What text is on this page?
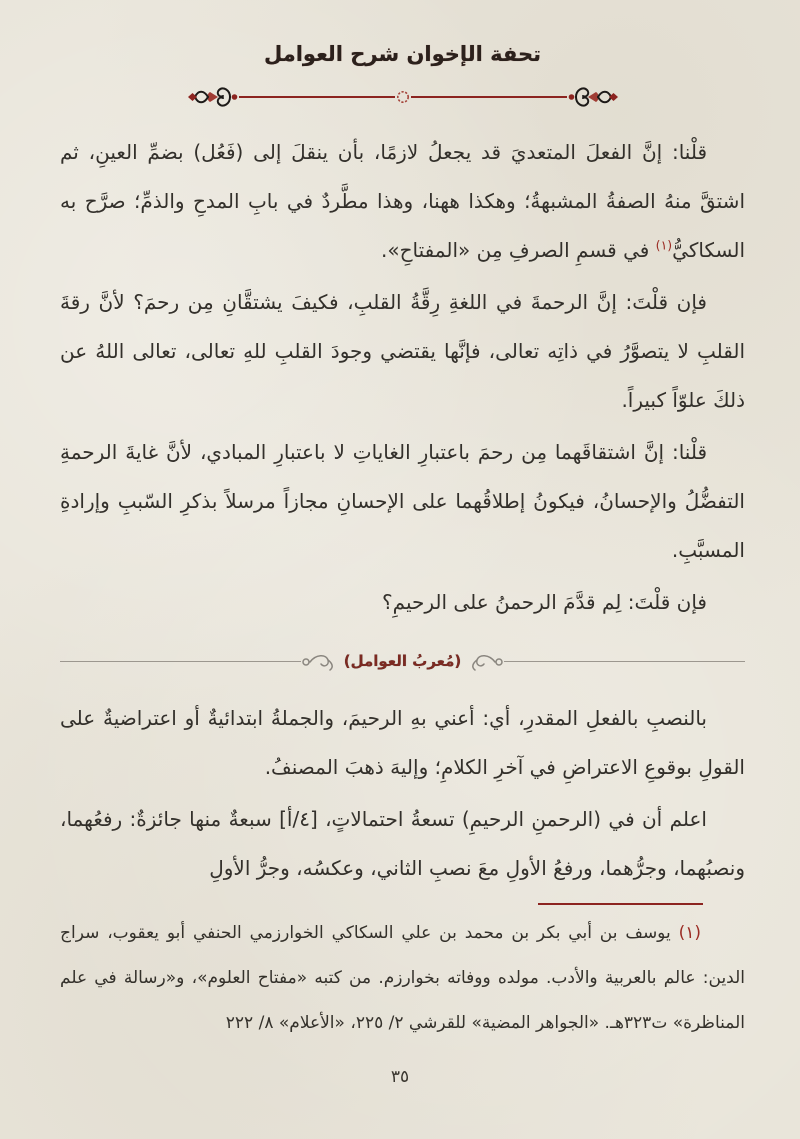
تحفة الإخوان شرح العوامل

قلْنا: إنَّ الفعلَ المتعديَ قد يجعلُ لازمًا، بأن ينقلَ إلى (فَعُل) بضمِّ العينِ، ثم اشتقَّ منهُ الصفةُ المشبهةُ؛ وهكذا ههنا، وهذا مطَّردٌ في بابِ المدحِ والذمِّ؛ صرَّح به السكاكيُّ$^{(١)}$ في قسمِ الصرفِ مِن «المفتاحِ».

فإن قلْتَ: إنَّ الرحمةَ في اللغةِ رِقَّةُ القلبِ، فكيفَ يشتقَّانِ مِن رحمَ؟ لأنَّ رقةَ القلبِ لا يتصوَّرُ في ذاتِه تعالى، فإنَّها يقتضي وجودَ القلبِ للهِ تعالى، تعالى اللهُ عن ذلكَ علوّاً كبيراً.

قلْنا: إنَّ اشتقاقَهما مِن رحمَ باعتبارِ الغاياتِ لا باعتبارِ المبادي، لأنَّ غايةَ الرحمةِ التفضُّلُ والإحسانُ، فيكونُ إطلاقُهما على الإحسانِ مجازاً مرسلاً بذكرِ السّببِ وإرادةِ المسبَّبِ.

فإن قلْتَ: لِم قدَّمَ الرحمنُ على الرحيمِ؟

(مُعربُ العوامل)

بالنصبِ بالفعلِ المقدرِ، أي: أعني بهِ الرحيمَ، والجملةُ ابتدائيةٌ أو اعتراضيةٌ على القولِ بوقوعِ الاعتراضِ في آخرِ الكلامِ؛ وإليهَ ذهبَ المصنفُ.

اعلم أن في (الرحمنِ الرحيمِ) تسعةُ احتمالاتٍ، [٤/أ] سبعةٌ منها جائزةٌ: رفعُهما، ونصبُهما، وجرُّهما، ورفعُ الأولِ معَ نصبِ الثاني، وعكسُه، وجرُّ الأولِ

(١) يوسف بن أبي بكر بن محمد بن علي السكاكي الخوارزمي الحنفي أبو يعقوب، سراج الدين: عالم بالعربية والأدب. مولده ووفاته بخوارزم. من كتبه «مفتاح العلوم»، و«رسالة في علم المناظرة» ت٣٢٣هـ. «الجواهر المضية» للقرشي ٢/ ٢٢٥، «الأعلام» ٨/ ٢٢٢

٣٥
